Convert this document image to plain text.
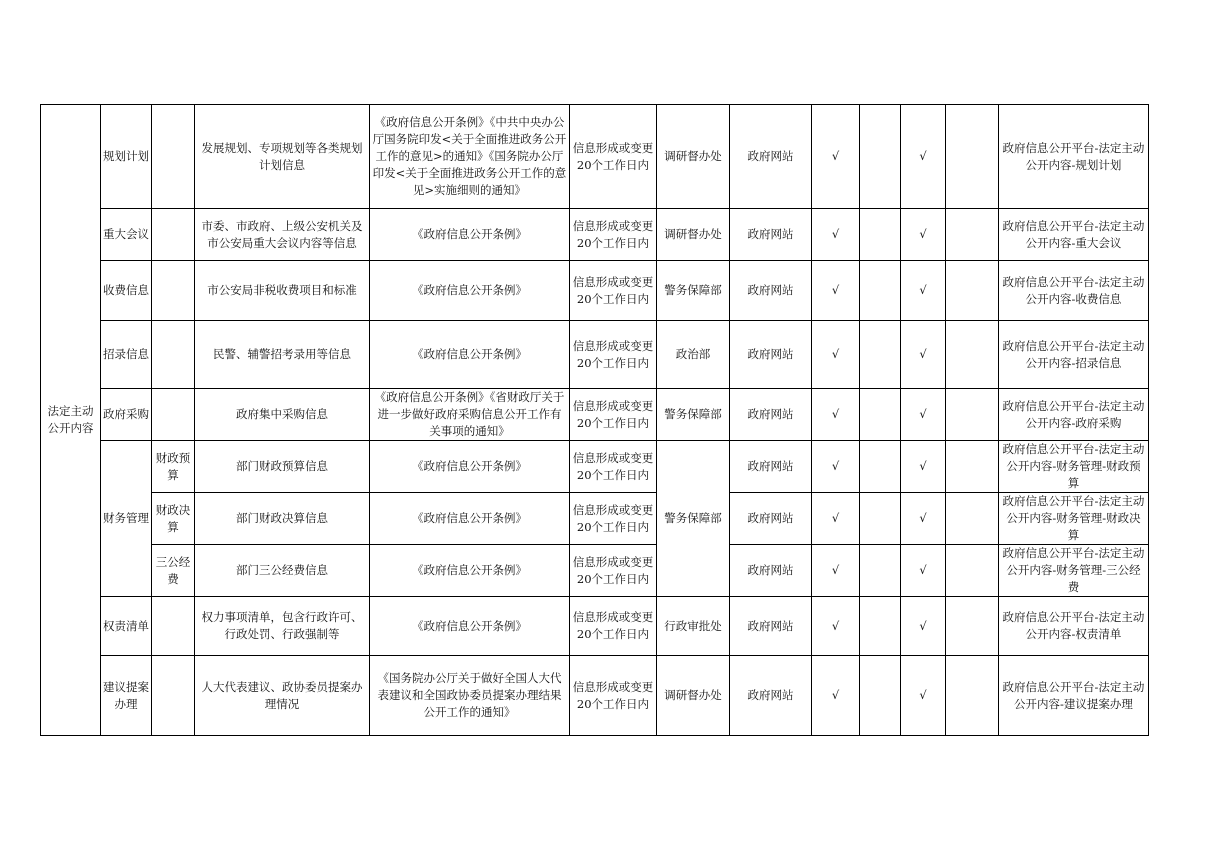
法定主动公开内容	规划计划		发展规划、专项规划等各类规划计划信息	《政府信息公开条例》《中共中央办公厅国务院印发<关于全面推进政务公开工作的意见>的通知》《国务院办公厅印发<关于全面推进政务公开工作的意见>实施细则的通知》	信息形成或变更20个工作日内	调研督办处	政府网站	√		√		政府信息公开平台-法定主动公开内容-规划计划
	重大会议		市委、市政府、上级公安机关及市公安局重大会议内容等信息	《政府信息公开条例》	信息形成或变更20个工作日内	调研督办处	政府网站	√		√		政府信息公开平台-法定主动公开内容-重大会议
	收费信息		市公安局非税收费项目和标准	《政府信息公开条例》	信息形成或变更20个工作日内	警务保障部	政府网站	√		√		政府信息公开平台-法定主动公开内容-收费信息
	招录信息		民警、辅警招考录用等信息	《政府信息公开条例》	信息形成或变更20个工作日内	政治部	政府网站	√		√		政府信息公开平台-法定主动公开内容-招录信息
	政府采购		政府集中采购信息	《政府信息公开条例》《省财政厅关于进一步做好政府采购信息公开工作有关事项的通知》	信息形成或变更20个工作日内	警务保障部	政府网站	√		√		政府信息公开平台-法定主动公开内容-政府采购
	财务管理	财政预算	部门财政预算信息	《政府信息公开条例》	信息形成或变更20个工作日内	警务保障部	政府网站	√		√		政府信息公开平台-法定主动公开内容-财务管理-财政预算
		财政决算	部门财政决算信息	《政府信息公开条例》	信息形成或变更20个工作日内		政府网站	√		√		政府信息公开平台-法定主动公开内容-财务管理-财政决算
		三公经费	部门三公经费信息	《政府信息公开条例》	信息形成或变更20个工作日内		政府网站	√		√		政府信息公开平台-法定主动公开内容-财务管理-三公经费
	权责清单		权力事项清单，包含行政许可、行政处罚、行政强制等	《政府信息公开条例》	信息形成或变更20个工作日内	行政审批处	政府网站	√		√		政府信息公开平台-法定主动公开内容-权责清单
	建议提案办理		人大代表建议、政协委员提案办理情况	《国务院办公厅关于做好全国人大代表建议和全国政协委员提案办理结果公开工作的通知》	信息形成或变更20个工作日内	调研督办处	政府网站	√		√		政府信息公开平台-法定主动公开内容-建议提案办理
